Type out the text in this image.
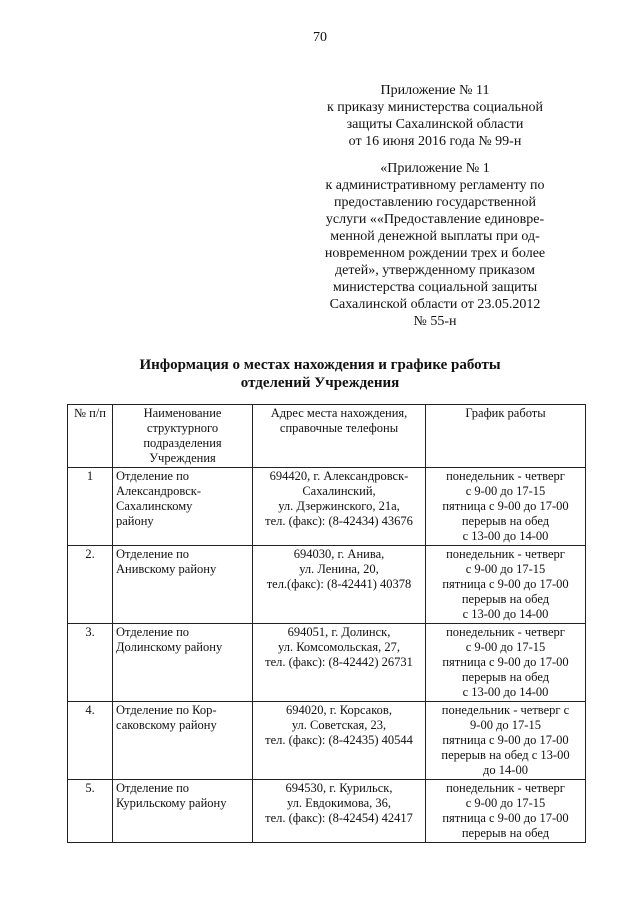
70
Приложение № 11
к приказу министерства социальной
защиты Сахалинской области
от 16 июня 2016 года № 99-н
«Приложение № 1
к административному регламенту по
предоставлению государственной
услуги ««Предоставление единовре-
менной денежной выплаты при од-
новременном рождении трех и более
детей», утвержденному приказом
министерства социальной защиты
Сахалинской области от 23.05.2012
№ 55-н
Информация о местах нахождения и графике работы
отделений Учреждения
№ п/п	Наименование
структурного
подразделения
Учреждения	Адрес места нахождения,
справочные телефоны	График работы

1	Отделение по
Александровск-
Сахалинскому
району	694420, г. Александровск-
Сахалинский,
ул. Дзержинского, 21а,
тел. (факс): (8-42434) 43676	понедельник - четверг
с 9-00 до 17-15
пятница с 9-00 до 17-00
перерыв на обед
с 13-00 до 14-00

2.	Отделение по
Анивскому району	694030, г. Анива,
ул. Ленина, 20,
тел.(факс): (8-42441) 40378	понедельник - четверг
с 9-00 до 17-15
пятница с 9-00 до 17-00
перерыв на обед
с 13-00 до 14-00

3.	Отделение по
Долинскому району	694051, г. Долинск,
ул. Комсомольская, 27,
тел. (факс): (8-42442) 26731	понедельник - четверг
с 9-00 до 17-15
пятница с 9-00 до 17-00
перерыв на обед
с 13-00 до 14-00

4.	Отделение по Кор-
саковскому району	694020, г. Корсаков,
ул. Советская, 23,
тел. (факс): (8-42435) 40544	понедельник - четверг с
9-00 до 17-15
пятница с 9-00 до 17-00
перерыв на обед с 13-00
до 14-00

5.	Отделение по
Курильскому району	694530, г. Курильск,
ул. Евдокимова, 36,
тел. (факс): (8-42454) 42417	понедельник - четверг
с 9-00 до 17-15
пятница с 9-00 до 17-00
перерыв на обед
